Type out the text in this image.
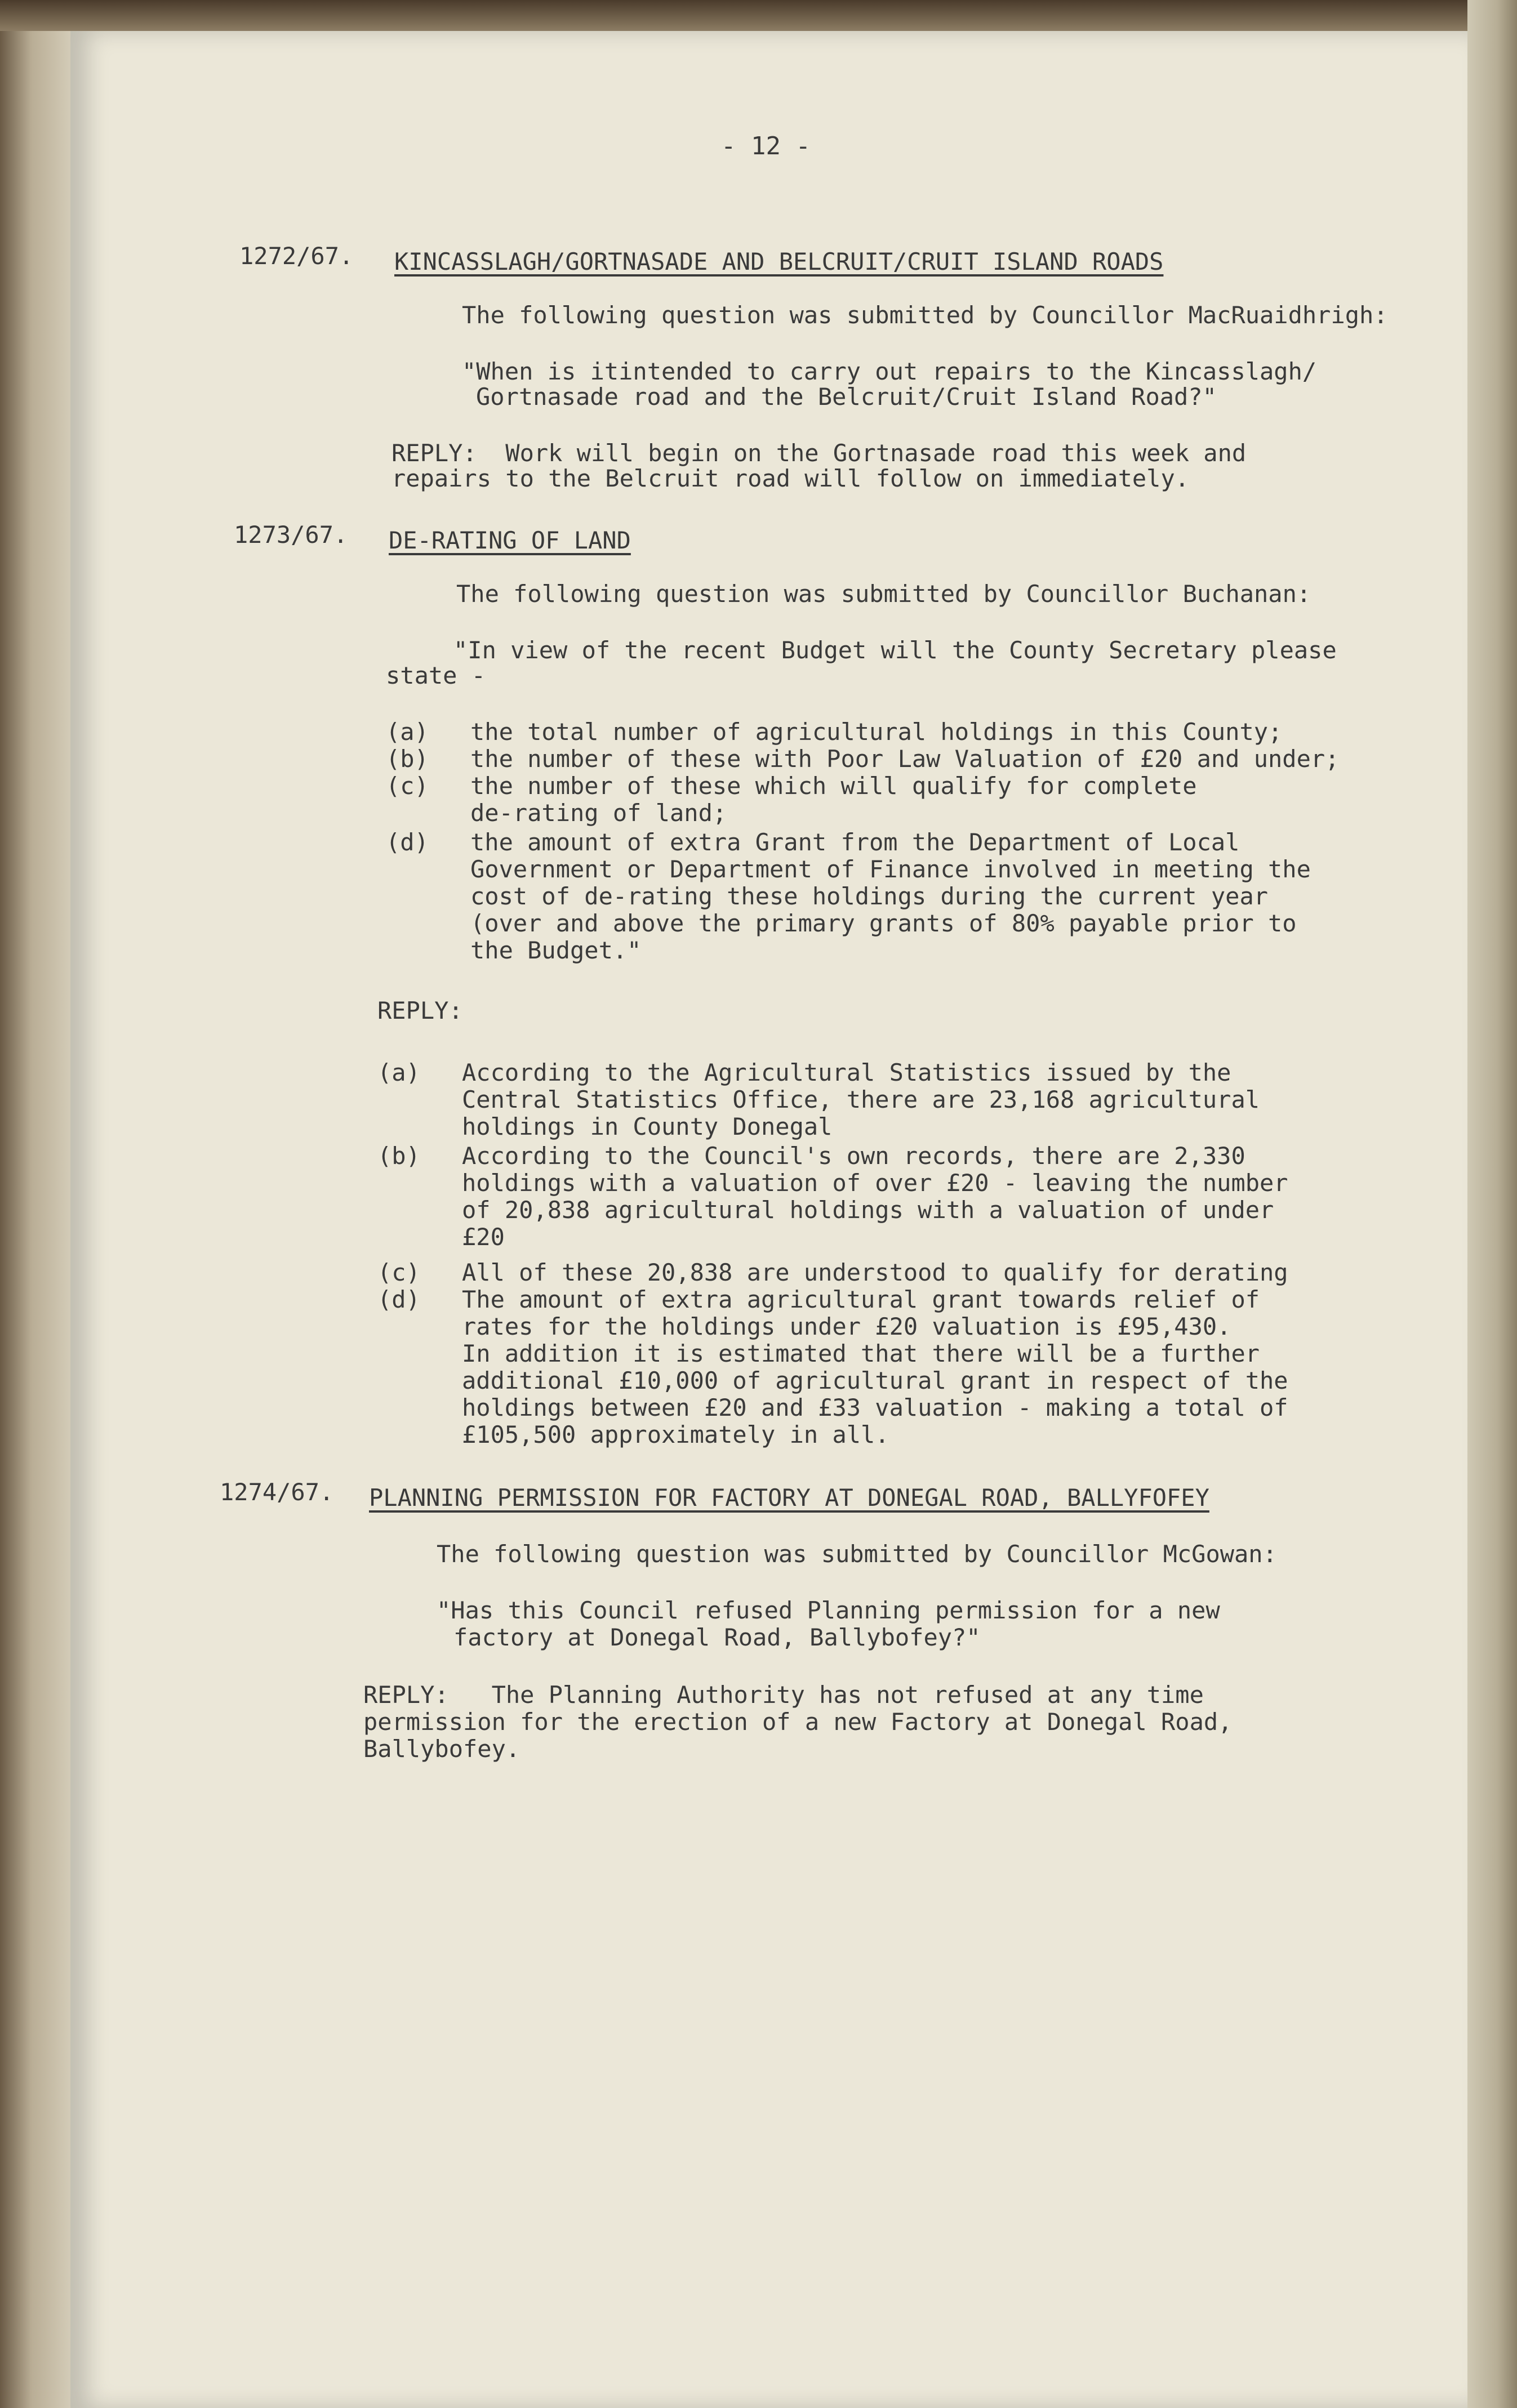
- 12 -

1272/67. KINCASSLAGH/GORTNASADE AND BELCRUIT/CRUIT ISLAND ROADS

The following question was submitted by Councillor MacRuaidhrigh:

"When is itintended to carry out repairs to the Kincasslagh/

Gortnasade road and the Belcruit/Cruit Island Road?"

REPLY:  Work will begin on the Gortnasade road this week and

repairs to the Belcruit road will follow on immediately.

1273/67. DE-RATING OF LAND

The following question was submitted by Councillor Buchanan:

"In view of the recent Budget will the County Secretary please

state -

(a) the total number of agricultural holdings in this County;

(b) the number of these with Poor Law Valuation of £20 and under;

(c) the number of these which will qualify for complete

de-rating of land;

(d) the amount of extra Grant from the Department of Local

Government or Department of Finance involved in meeting the

cost of de-rating these holdings during the current year

(over and above the primary grants of 80% payable prior to

the Budget."

REPLY:

(a) According to the Agricultural Statistics issued by the

Central Statistics Office, there are 23,168 agricultural

holdings in County Donegal

(b) According to the Council's own records, there are 2,330

holdings with a valuation of over £20 - leaving the number

of 20,838 agricultural holdings with a valuation of under

£20

(c) All of these 20,838 are understood to qualify for derating

(d) The amount of extra agricultural grant towards relief of

rates for the holdings under £20 valuation is £95,430.

In addition it is estimated that there will be a further

additional £10,000 of agricultural grant in respect of the

holdings between £20 and £33 valuation - making a total of

£105,500 approximately in all.

1274/67. PLANNING PERMISSION FOR FACTORY AT DONEGAL ROAD, BALLYFOFEY

The following question was submitted by Councillor McGowan:

"Has this Council refused Planning permission for a new

factory at Donegal Road, Ballybofey?"

REPLY:   The Planning Authority has not refused at any time

permission for the erection of a new Factory at Donegal Road,

Ballybofey.
